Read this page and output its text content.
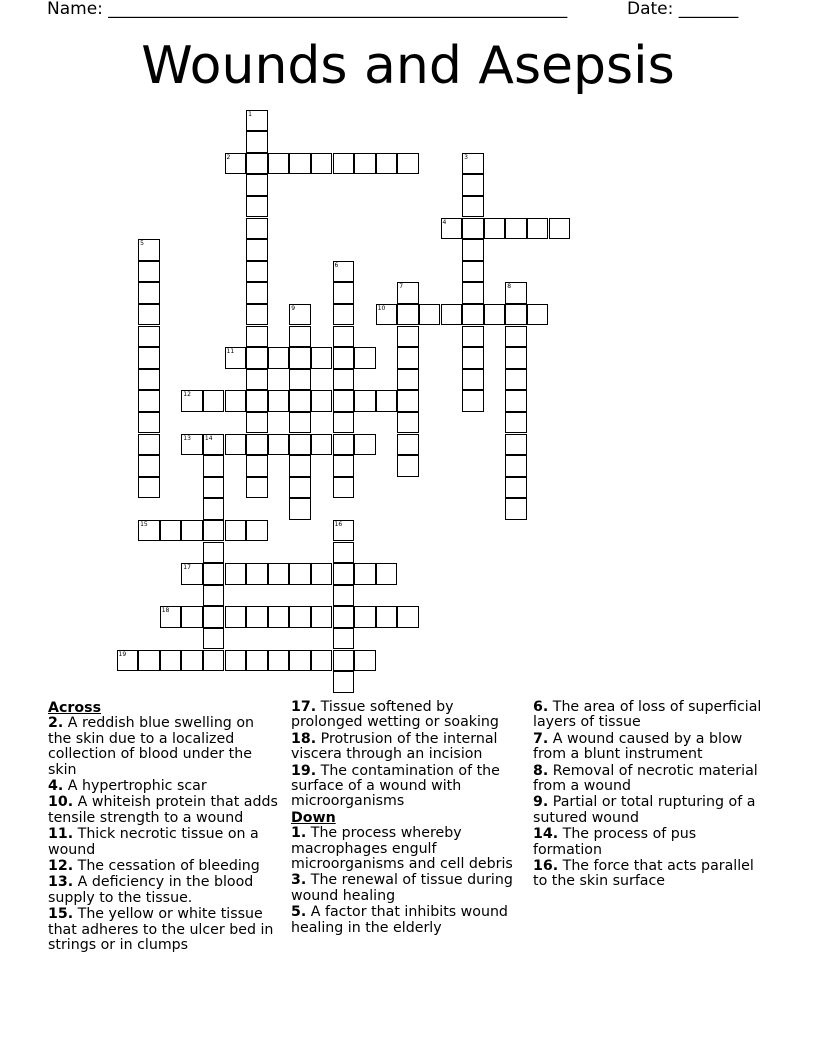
Name: ______________________________________________________	Date: _______
Wounds and Asepsis
1
2	3
4
5
6
7	8
9	10
11
12
13 14
15	16
17
18
19
Across
2. A reddish blue swelling on the skin due to a localized collection of blood under the skin
4. A hypertrophic scar
10. A whiteish protein that adds tensile strength to a wound
11. Thick necrotic tissue on a wound
12. The cessation of bleeding
13. A deficiency in the blood supply to the tissue.
15. The yellow or white tissue that adheres to the ulcer bed in strings or in clumps
17. Tissue softened by prolonged wetting or soaking
18. Protrusion of the internal viscera through an incision
19. The contamination of the surface of a wound with microorganisms
Down
1. The process whereby macrophages engulf microorganisms and cell debris
3. The renewal of tissue during wound healing
5. A factor that inhibits wound healing in the elderly
6. The area of loss of superficial layers of tissue
7. A wound caused by a blow from a blunt instrument
8. Removal of necrotic material from a wound
9. Partial or total rupturing of a sutured wound
14. The process of pus formation
16. The force that acts parallel to the skin surface
